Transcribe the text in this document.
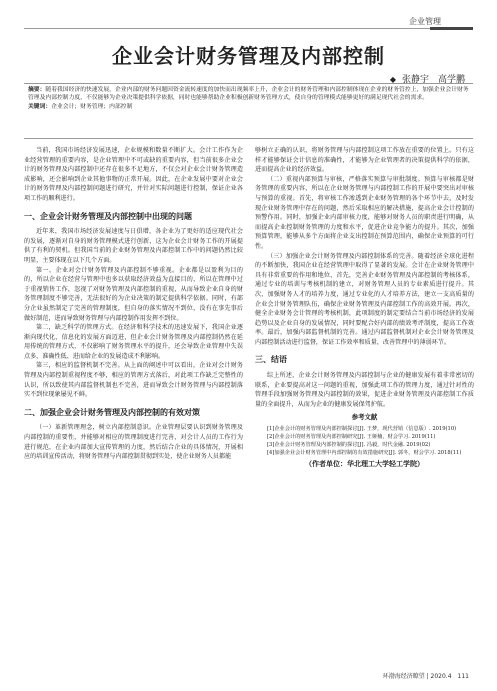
企业管理
企业会计财务管理及内部控制
◆ 张静宇　高学鹏
摘要：随着我国经济的快速发展，企业内部的财务问题因资金流转速度的加快而出现频率上升，企业会计的财务管理和内部控制体现在企业的财务管控上，加强企业会计财务管理及内部控制力度，不仅能够为企业决策提供科学依据，同时也能够帮助企业积极创新财务管理方式，使自身的管理模式能够更好的满足现代社会的需求。
关键词：企业会计；财务管理；内部控制

当前，我国市场经济发展迅速，企业规模和数量不断扩大。会计工作作为企业经营管理的重要内容，是企业管理中不可或缺的重要内容，但当前很多企业会计的财务管理及内部控制中还存在很多不足地方，不仅会对企业会计财务管理造成影响，还会影响到企业其他事物的正常开展。因此，在企业发展中要对企业会计的财务管理及内部控制问题进行研究，并针对实际问题进行控制，保证企业各项工作的顺利进行。

一、企业会计财务管理及内部控制中出现的问题

近年来，我国市场经济发展速度与日俱增，各企业为了更好的适应现代社会的发展，逐渐对自身的财务管理模式进行创新，这为企业会计财务工作的开展提供了有利的契机。但我国当前的企业财务管理及内部控制工作中的问题仍然比较明显，主要体现在以下几个方面。

第一，企业对会计财务管理及内部控制不够重视。企业都是以盈利为目的的，所以企业在经营与管理中也多以获取经济效益为直接目的，所以在管理中过于重视销售工作，忽视了对财务管理及内部控制的重视，从而导致企业自身的财务管理制度不够完善，无法很好的为企业决策的制定提供科学依据。同时，有部分企业虽然制定了完善的管理制度，但自身的落实情况不到位，没有在事先事后做好制范，进而导致财务管理与内部控制作用发挥不到位。

第二，缺乏科学的管理方式。在经济和科学技术的迅速发展下，我国企业逐渐向现代化、信息化的发展方面迈进，但企业会计财务管理及内部控制仍然在延用传统的管理方式，不仅影响了财务管理水平的提升，还会导致企业管理中失误点多，准确性低、进而给企业的发展造成不利影响。

第三，相应的监督机制不完善。从上面的阐述中可以看出，企业对会计财务管理及内部控制重视程度不够，相应的管理方式落后，对此项工作缺乏完整性的认识，所以致使其内部监督机制也不完善，进而导致会计财务管理与内部控制落实不到位现象屡见不鲜。

二、加强企业会计财务管理及内部控制的有效对策

（一）革新管理理念，树立内部控制意识。企业管理层要认识到财务管理及内部控制的重要性，并能够对相应的管理制度进行完善，对会计人员的工作行为进行规范，在企业内部加大宣传管理的力度，然后结合企业的具体情况，开展相应的培训宣传活动，将财务管理与内部控制贯彻到实处，使企业财务人员都能

够树立正确的认识，将财务管理与内部控制这项工作放在重要的位置上。只有这样才能够保证会计信息的准确性，才能够为企业管理者的决策提供科学的依据，进而提高企业的经济效益。

（二）重视内部预算与审核，严格落实预算与审批制度。预算与审核都是财务管理的重要内容，所以在企业财务管理与内部控制工作的开展中要突出对审核与预算的重视。首先，将审核工作渗透到企业财务管理的各个环节中去，及时发现企业财务管理中存在的问题，然后采取相应的解决措施，提高企业会计控制的预警作用。同时，加强企业内部审核力度，能够对财务人员的职责进行明确，从而提高企业控制财务管理的力度和水平，促进企业竞争能力的提升。其次，加强预算管理，能够从多个方面将企业支出控制在预算范围内，确保企业预算的可行性。

（三）加强企业会计财务管理及内部控制体系的完善。随着经济全球化进程的不断加快，我国企业在经营管理中取得了显著的发展。会计在企业财务管理中具有非常重要的作用和地位，首先，完善企业财务管理及内部控制的考核体系，通过专业的培训与考核机制的建立，对财务管理人员的专业素质进行提升。其次，加强财务人才的培养力度，通过专业化的人才培养方法，建立一支高质量的企业会计财务管理队伍，确保企业财务管理及内部控制工作的高效开展。再次，健全企业财务会计管理的考核机制，此项制度的制定要结合当前市场经济的发展趋势以及企业自身的发展情况，同时要配合好内部的绩效考评制度，提高工作效率。最后，加强内部监督机制的完善。通过内部监督机制对企业会计财务管理及内部控制活动进行监督，保证工作效率和质量，改善管理中的薄弱环节。

三、结语

综上所述，企业会计财务管理及内部控制与企业的健康发展有着非常密切的联系，企业要提高对这一问题的重视，加强此项工作的管理力度，通过针对性的管理手段加强财务管理及内部控制的效果，促进企业财务管理及内部控制工作质量的全面提升，从而为企业的健康发展保驾护航。

参考文献

[1]企业会计的财务管理及内部控制探讨[J]. 王梦，现代营销（信息版）. 2019(10)

[2]企业会计的财务管理及内部控制研究[J]. 王娅楠，财会学习. 2019(11)

[3]企业会计财务管理及内部控制的探讨[J]. 冯毅，时代金融. 2019(02)

[4]加强企业会计财务管理中内部控制的有效措施研究[J]. 郭冬，财会学习. 2018(11)

（作者单位：华北理工大学轻工学院）
环渤海经济瞭望 | 2020.4　111
